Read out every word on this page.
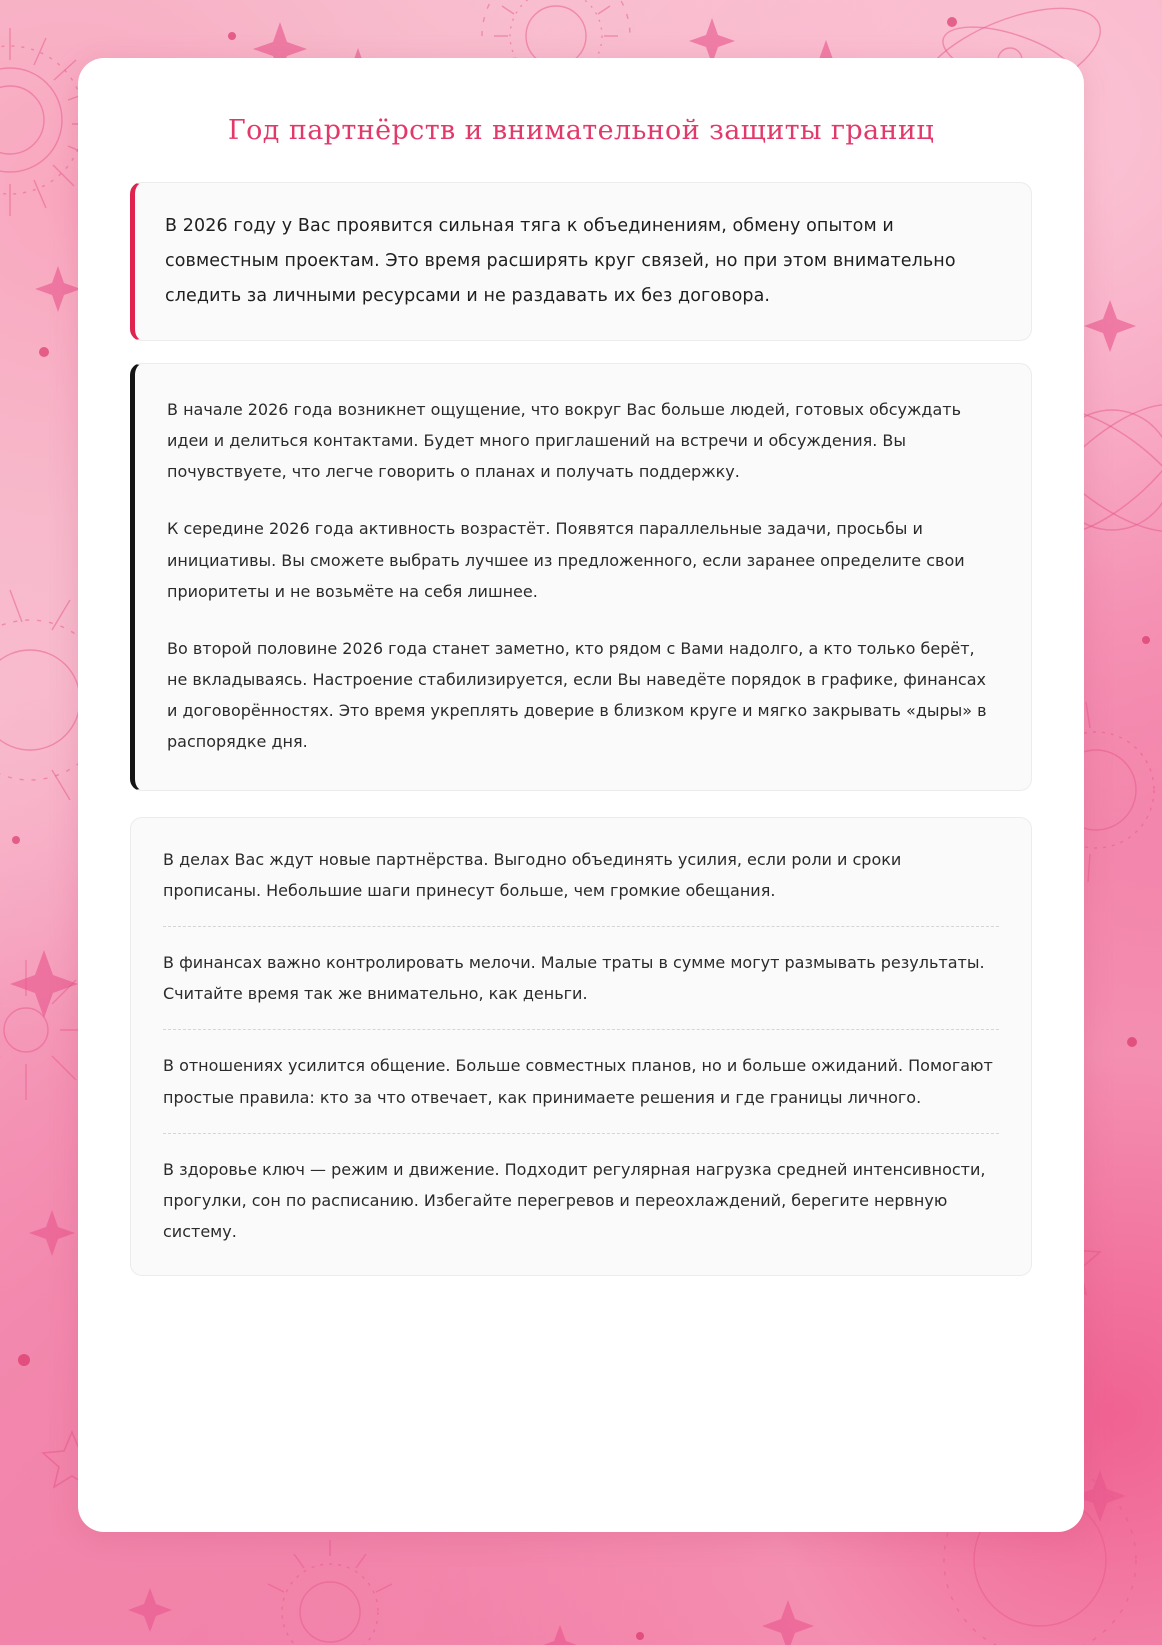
Год партнёрств и внимательной защиты границ

В 2026 году у Вас проявится сильная тяга к объединениям, обмену опытом и совместным проектам. Это время расширять круг связей, но при этом внимательно следить за личными ресурсами и не раздавать их без договора.

В начале 2026 года возникнет ощущение, что вокруг Вас больше людей, готовых обсуждать идеи и делиться контактами. Будет много приглашений на встречи и обсуждения. Вы почувствуете, что легче говорить о планах и получать поддержку.

К середине 2026 года активность возрастёт. Появятся параллельные задачи, просьбы и инициативы. Вы сможете выбрать лучшее из предложенного, если заранее определите свои приоритеты и не возьмёте на себя лишнее.

Во второй половине 2026 года станет заметно, кто рядом с Вами надолго, а кто только берёт, не вкладываясь. Настроение стабилизируется, если Вы наведёте порядок в графике, финансах и договорённостях. Это время укреплять доверие в близком круге и мягко закрывать «дыры» в распорядке дня.

В делах Вас ждут новые партнёрства. Выгодно объединять усилия, если роли и сроки прописаны. Небольшие шаги принесут больше, чем громкие обещания.
В финансах важно контролировать мелочи. Малые траты в сумме могут размывать результаты. Считайте время так же внимательно, как деньги.
В отношениях усилится общение. Больше совместных планов, но и больше ожиданий. Помогают простые правила: кто за что отвечает, как принимаете решения и где границы личного.
В здоровье ключ — режим и движение. Подходит регулярная нагрузка средней интенсивности, прогулки, сон по расписанию. Избегайте перегревов и переохлаждений, берегите нервную систему.
